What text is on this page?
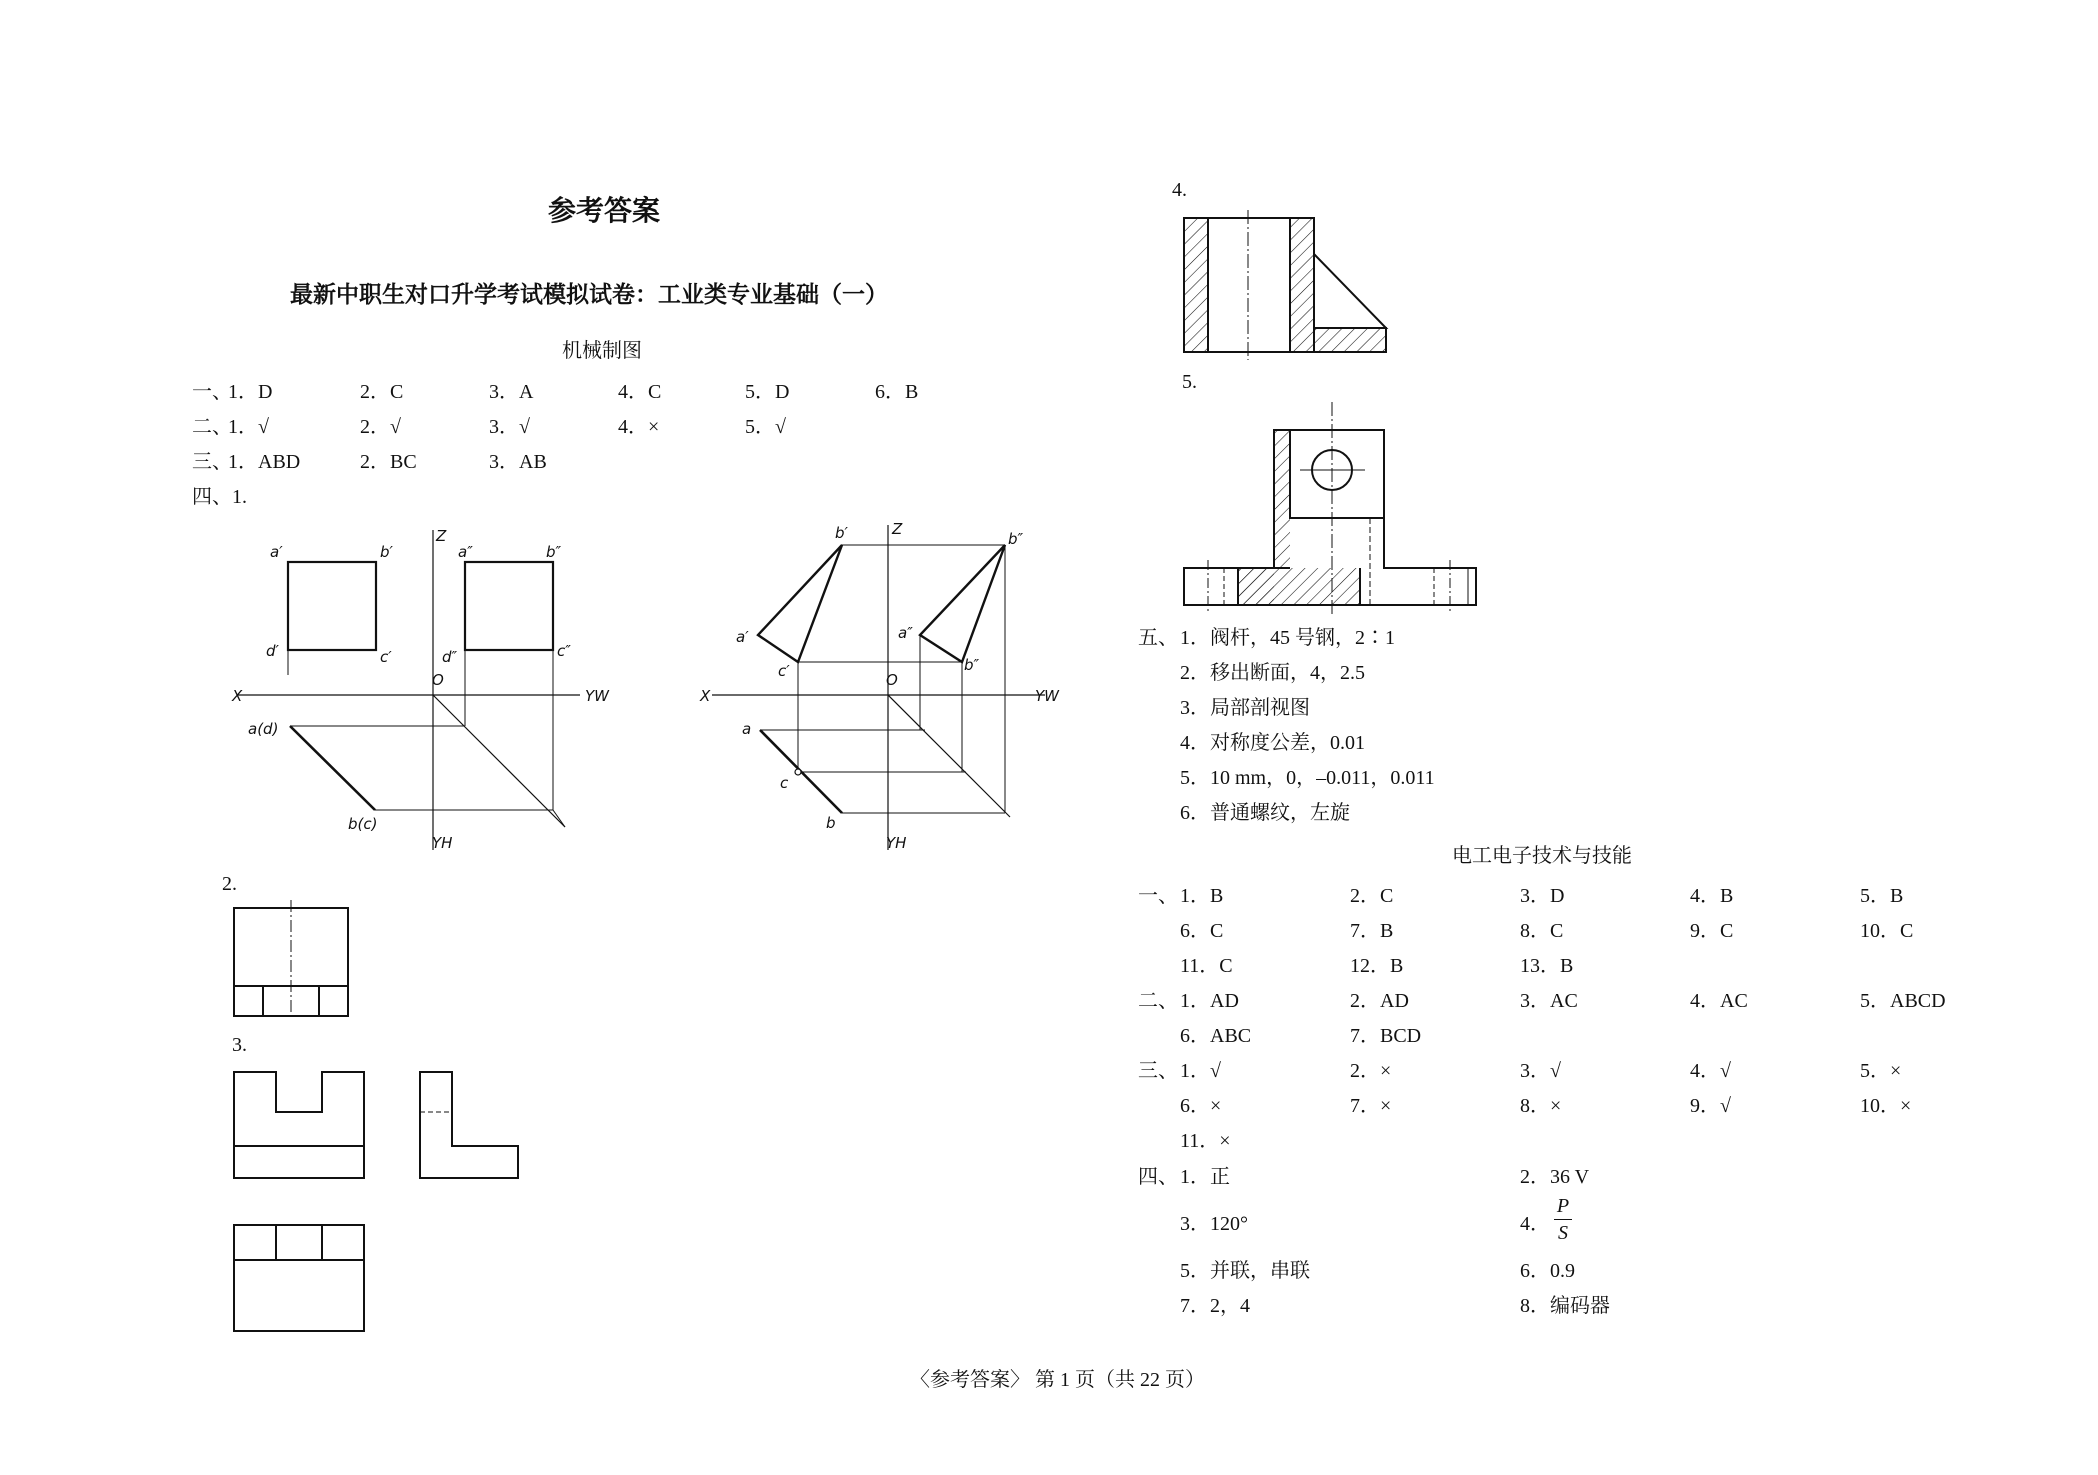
参考答案
最新中职生对口升学考试模拟试卷：工业类专业基础（一）
机械制图
一、
1．D	2．C	3．A	4．C	5．D	6．B
二、
1．√	2．√	3．√	4．×	5．√
三、
1．ABD	2．BC	3．AB
四、1.
a′	b′
d′	c′
a″	b″
d″	c″
Z
X
O
YW
a(d)
b(c)
YH
b′	Z
b″
a′
c′
a″
b″
X
O
YW
a
c
b
YH
2.
3.
4.
5.
五、 1．阀杆，45 号钢，2∶1
2．移出断面，4，2.5
3．局部剖视图
4．对称度公差，0.01
5．10 mm，0，–0.011，0.011
6．普通螺纹，左旋
电工电子技术与技能
一、 1．B	2．C	3．D	4．B	5．B
6．C	7．B	8．C	9．C	10．C
11．C	12．B	13．B
二、 1．AD	2．AD	3．AC	4．AC	5．ABCD
6．ABC	7．BCD
三、 1．√	2．×	3．√	4．√	5．×
6．×	7．×	8．×	9．√	10．×
11．×
四、 1．正	2．36 V
3．120°	4．
P
S
5．并联，串联	6．0.9
7．2，4	8．编码器
〈参考答案〉 第 1 页（共 22 页）
